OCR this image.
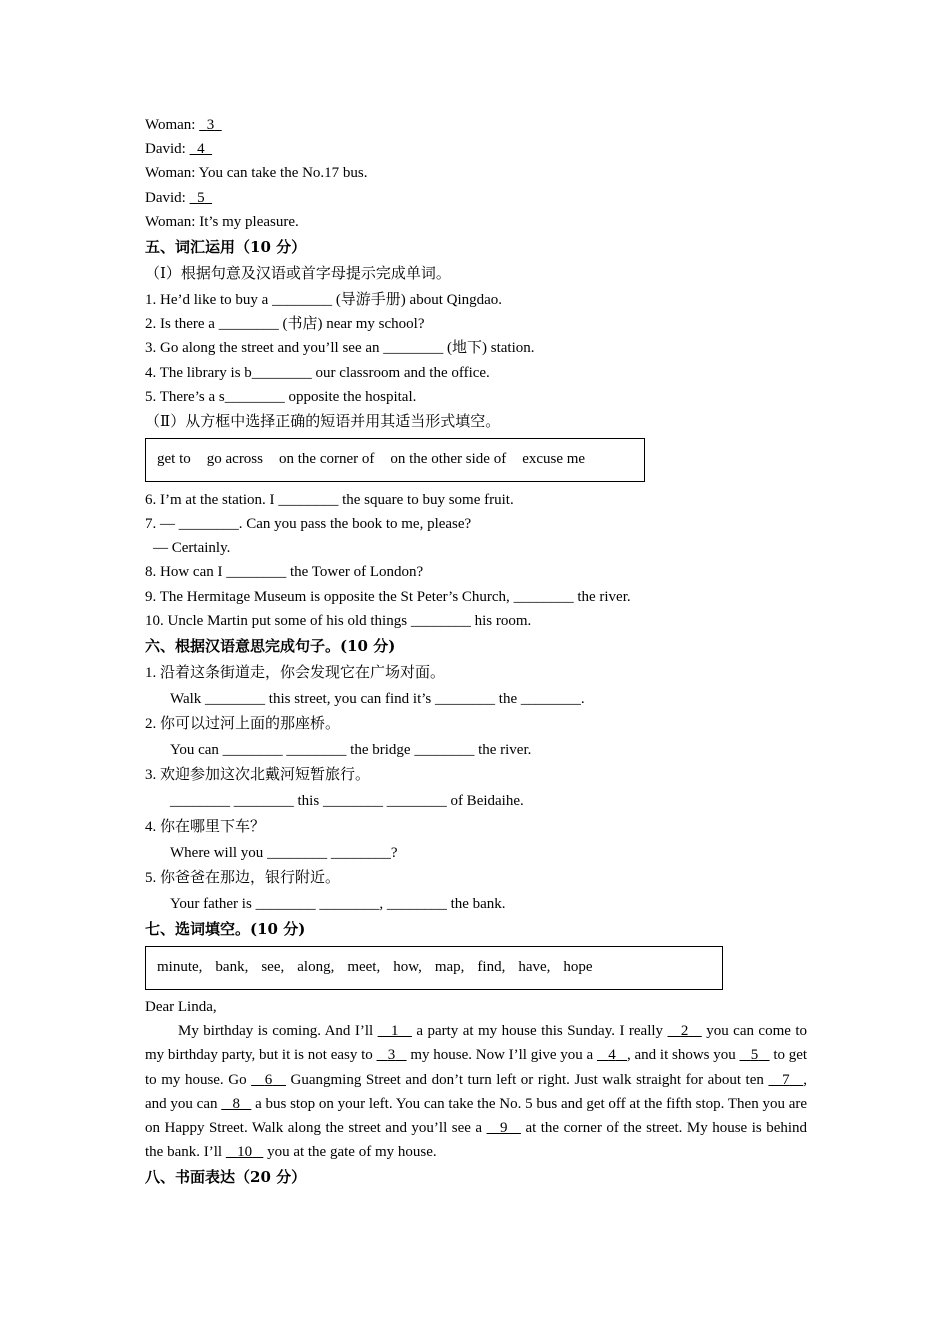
Woman: 3
David: 4
Woman: You can take the No.17 bus.
David: 5
Woman: It’s my pleasure.
五、词汇运用（10 分）
（Ⅰ）根据句意及汉语或首字母提示完成单词。
1. He’d like to buy a ________ (导游手册) about Qingdao.
2. Is there a ________ (书店) near my school?
3. Go along the street and you’ll see an ________ (地下) station.
4. The library is b________ our classroom and the office.
5. There’s a s________ opposite the hospital.
（Ⅱ）从方框中选择正确的短语并用其适当形式填空。
get to go across on the corner of on the other side of excuse me
6. I’m at the station. I ________ the square to buy some fruit.
7. — ________. Can you pass the book to me, please?
— Certainly.
8. How can I ________ the Tower of London?
9. The Hermitage Museum is opposite the St Peter’s Church, ________ the river.
10. Uncle Martin put some of his old things ________ his room.
六、根据汉语意思完成句子。(10 分)
1. 沿着这条街道走，你会发现它在广场对面。
Walk ________ this street, you can find it’s ________ the ________.
2. 你可以过河上面的那座桥。
You can ________ ________ the bridge ________ the river.
3. 欢迎参加这次北戴河短暂旅行。
________ ________ this ________ ________ of Beidaihe.
4. 你在哪里下车？
Where will you ________ ________?
5. 你爸爸在那边，银行附近。
Your father is ________ ________, ________ the bank.
七、选词填空。(10 分)
minute, bank, see, along, meet, how, map, find, have, hope
Dear Linda,
My birthday is coming. And I’ll    1    a party at my house this Sunday. I really    2    you can come to my birthday party, but it is not easy to    3    my house. Now I’ll give you a    4 , and it shows you    5    to get to my house. Go    6    Guangming Street and don’t turn left or right. Just walk straight for about ten    7 , and you can    8    a bus stop on your left. You can take the No. 5 bus and get off at the fifth stop. Then you are on Happy Street. Walk along the street and you’ll see a    9    at the corner of the street. My house is behind the bank. I’ll    10    you at the gate of my house.
八、书面表达（20 分）
